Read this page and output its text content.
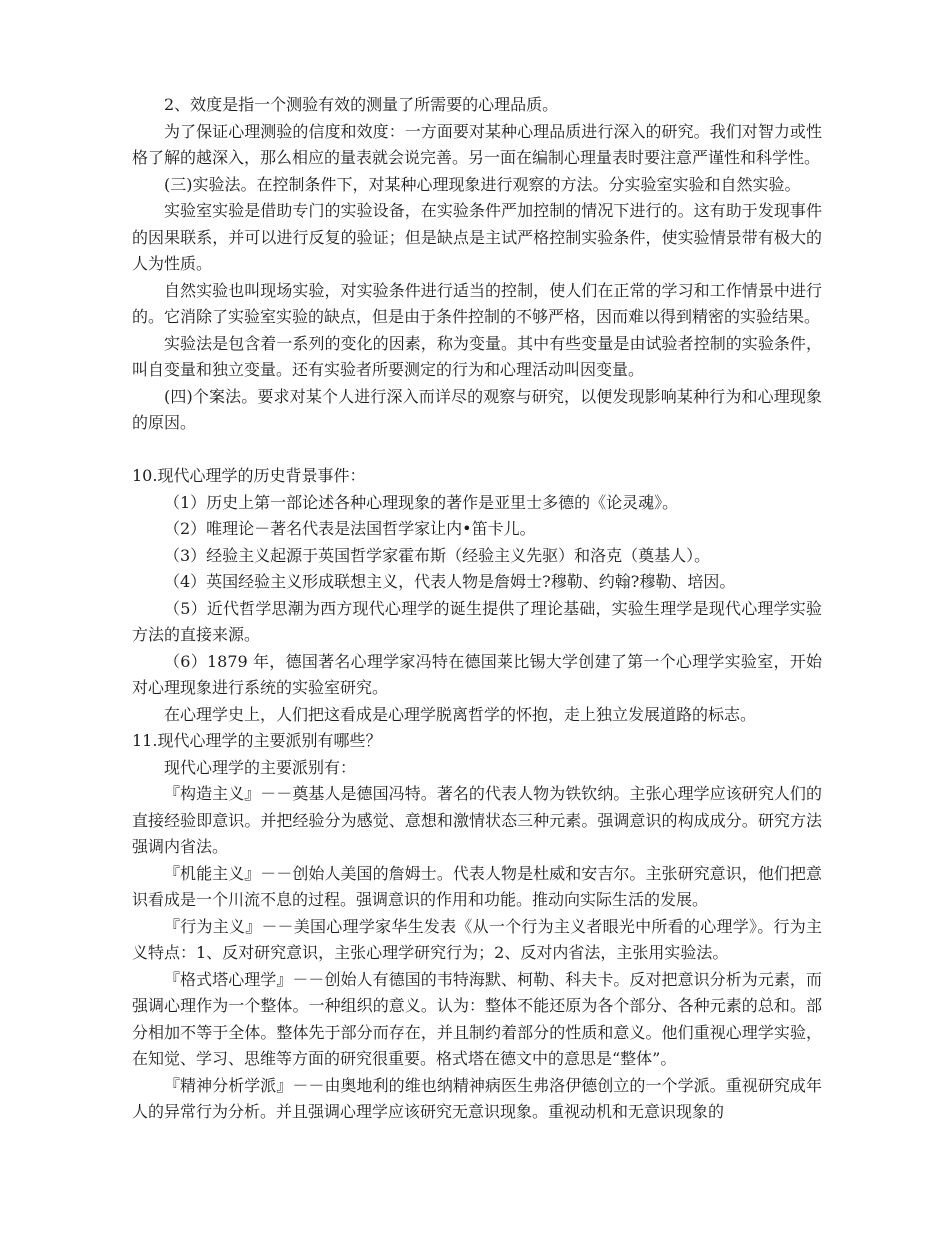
2、效度是指一个测验有效的测量了所需要的心理品质。

为了保证心理测验的信度和效度：一方面要对某种心理品质进行深入的研究。我们对智力或性格了解的越深入，那么相应的量表就会说完善。另一面在编制心理量表时要注意严谨性和科学性。

(三)实验法。在控制条件下，对某种心理现象进行观察的方法。分实验室实验和自然实验。

实验室实验是借助专门的实验设备，在实验条件严加控制的情况下进行的。这有助于发现事件的因果联系，并可以进行反复的验证；但是缺点是主试严格控制实验条件，使实验情景带有极大的人为性质。

自然实验也叫现场实验，对实验条件进行适当的控制，使人们在正常的学习和工作情景中进行的。它消除了实验室实验的缺点，但是由于条件控制的不够严格，因而难以得到精密的实验结果。

实验法是包含着一系列的变化的因素，称为变量。其中有些变量是由试验者控制的实验条件，叫自变量和独立变量。还有实验者所要测定的行为和心理活动叫因变量。

(四)个案法。要求对某个人进行深入而详尽的观察与研究，以便发现影响某种行为和心理现象的原因。

10.现代心理学的历史背景事件：

（1）历史上第一部论述各种心理现象的著作是亚里士多德的《论灵魂》。

（2）唯理论－著名代表是法国哲学家让内•笛卡儿。

（3）经验主义起源于英国哲学家霍布斯（经验主义先驱）和洛克（奠基人）。

（4）英国经验主义形成联想主义，代表人物是詹姆士?穆勒、约翰?穆勒、培因。

（5）近代哲学思潮为西方现代心理学的诞生提供了理论基础，实验生理学是现代心理学实验方法的直接来源。

（6）1879 年，德国著名心理学家冯特在德国莱比锡大学创建了第一个心理学实验室，开始对心理现象进行系统的实验室研究。

在心理学史上，人们把这看成是心理学脱离哲学的怀抱，走上独立发展道路的标志。

11.现代心理学的主要派别有哪些？

现代心理学的主要派别有：

『构造主义』－－奠基人是德国冯特。著名的代表人物为铁钦纳。主张心理学应该研究人们的直接经验即意识。并把经验分为感觉、意想和激情状态三种元素。强调意识的构成成分。研究方法强调内省法。

『机能主义』－－创始人美国的詹姆士。代表人物是杜威和安吉尔。主张研究意识，他们把意识看成是一个川流不息的过程。强调意识的作用和功能。推动向实际生活的发展。

『行为主义』－－美国心理学家华生发表《从一个行为主义者眼光中所看的心理学》。行为主义特点：1、反对研究意识，主张心理学研究行为；2、反对内省法，主张用实验法。

『格式塔心理学』－－创始人有德国的韦特海默、柯勒、科夫卡。反对把意识分析为元素，而强调心理作为一个整体。一种组织的意义。认为：整体不能还原为各个部分、各种元素的总和。部分相加不等于全体。整体先于部分而存在，并且制约着部分的性质和意义。他们重视心理学实验，在知觉、学习、思维等方面的研究很重要。格式塔在德文中的意思是“整体”。

『精神分析学派』－－由奥地利的维也纳精神病医生弗洛伊德创立的一个学派。重视研究成年人的异常行为分析。并且强调心理学应该研究无意识现象。重视动机和无意识现象的
